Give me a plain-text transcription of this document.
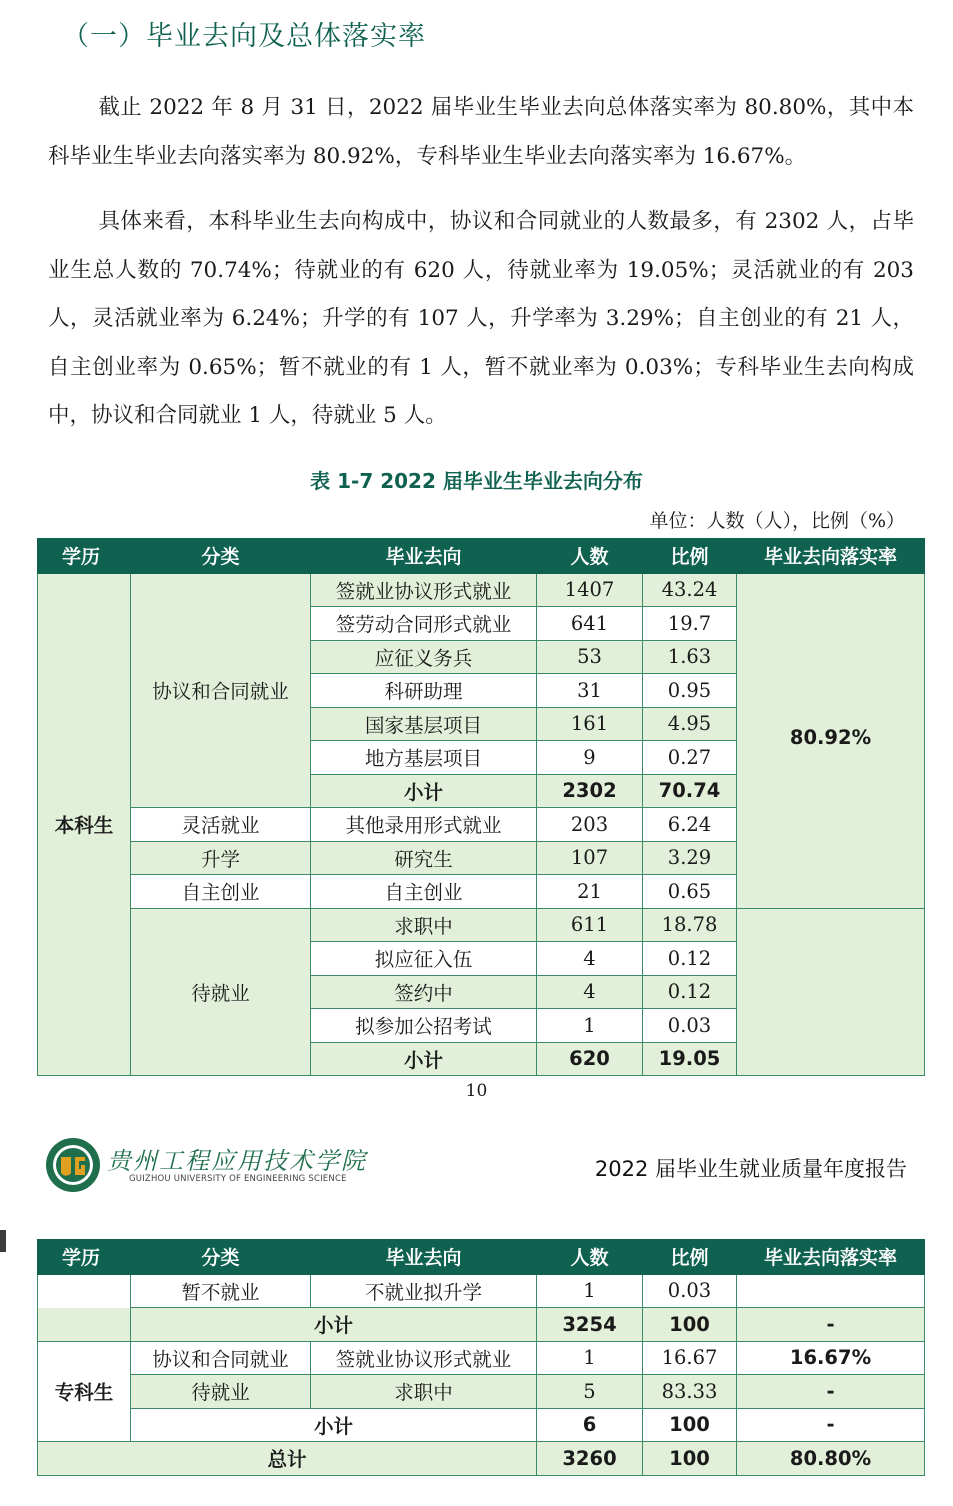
（一）毕业去向及总体落实率
截止 2022 年 8 月 31 日，2022 届毕业生毕业去向总体落实率为 80.80%，其中本科毕业生毕业去向落实率为 80.92%，专科毕业生毕业去向落实率为 16.67%。
具体来看，本科毕业生去向构成中，协议和合同就业的人数最多，有 2302 人，占毕业生总人数的 70.74%；待就业的有 620 人，待就业率为 19.05%；灵活就业的有 203 人，灵活就业率为 6.24%；升学的有 107 人，升学率为 3.29%；自主创业的有 21 人，自主创业率为 0.65%；暂不就业的有 1 人，暂不就业率为 0.03%；专科毕业生去向构成中，协议和合同就业 1 人，待就业 5 人。
表 1-7 2022 届毕业生毕业去向分布
单位：人数（人），比例（%）
学历	分类	毕业去向	人数	比例	毕业去向落实率
本科生	协议和合同就业	签就业协议形式就业	1407	43.24	80.92%
		签劳动合同形式就业	641	19.7	
		应征义务兵	53	1.63	
		科研助理	31	0.95	
		国家基层项目	161	4.95	
		地方基层项目	9	0.27	
		小计	2302	70.74	
	灵活就业	其他录用形式就业	203	6.24	
	升学	研究生	107	3.29	
	自主创业	自主创业	21	0.65	
	待就业	求职中	611	18.78	
		拟应征入伍	4	0.12	
		签约中	4	0.12	
		拟参加公招考试	1	0.03	
		小计	620	19.05	
10
贵州工程应用技术学院
GUIZHOU UNIVERSITY OF ENGINEERING SCIENCE	2022 届毕业生就业质量年度报告
学历	分类	毕业去向	人数	比例	毕业去向落实率
	暂不就业	不就业拟升学	1	0.03	
	小计		3254	100	-
专科生	协议和合同就业	签就业协议形式就业	1	16.67	16.67%
	待就业	求职中	5	83.33	-
	小计		6	100	-
总计			3260	100	80.80%
